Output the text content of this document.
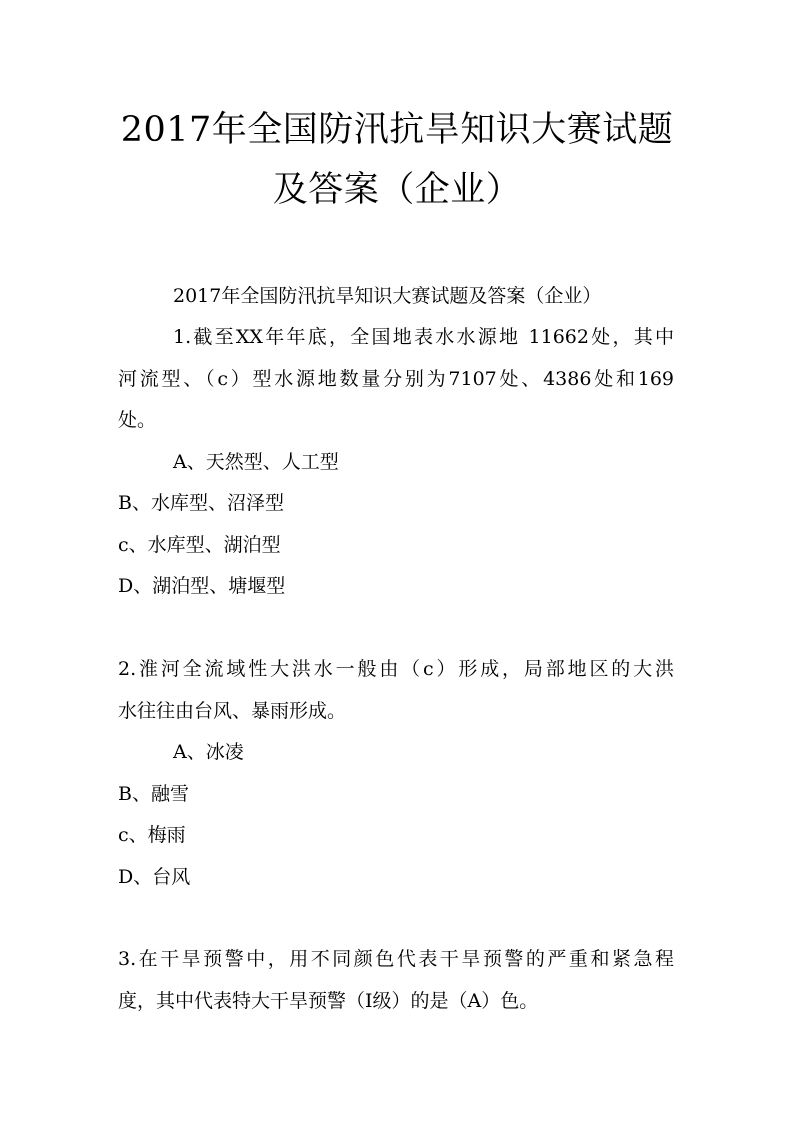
2017年全国防汛抗旱知识大赛试题
及答案（企业）

2017年全国防汛抗旱知识大赛试题及答案（企业）

1.截至XX年年底，全国地表水水源地 11662处，其中

河流型、（c）型水源地数量分别为7107处、4386处和169

处。

A、天然型、人工型

B、水库型、沼泽型

c、水库型、湖泊型

D、湖泊型、塘堰型

2.淮河全流域性大洪水一般由（c）形成，局部地区的大洪

水往往由台风、暴雨形成。

A、冰凌

B、融雪

c、梅雨

D、台风

3.在干旱预警中，用不同颜色代表干旱预警的严重和紧急程

度，其中代表特大干旱预警（Ⅰ级）的是（A）色。
